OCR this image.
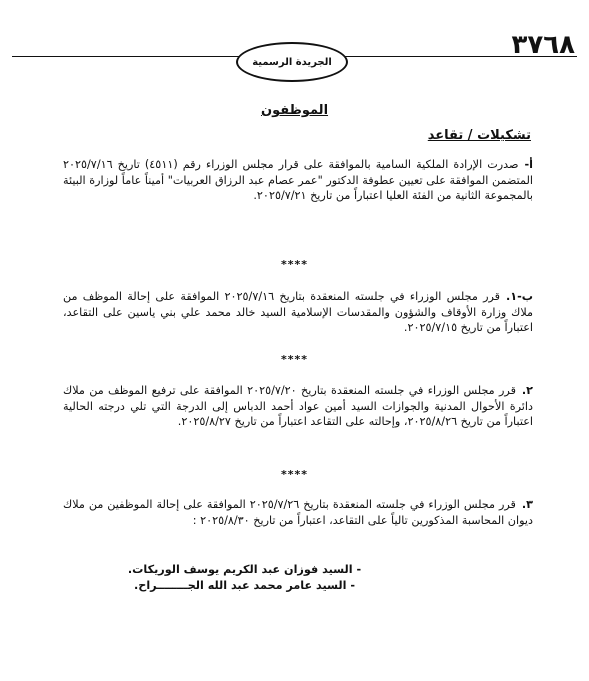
٣٧٦٨
الجريدة الرسمية
الموظفون
تشكيلات / تقاعد

أ-صدرت الإرادة الملكية السامية بالموافقة على قرار مجلس الوزراء رقم (٤٥١١) تاريخ ٢٠٢٥/٧/١٦ المتضمن الموافقة على تعيين عطوفة الدكتور "عمر عصام عبد الرزاق العربيات" أميناً عاماً لوزارة البيئة بالمجموعة الثانية من الفئة العليا اعتباراً من تاريخ ٢٠٢٥/٧/٢١.

****

ب-١.قرر مجلس الوزراء في جلسته المنعقدة بتاريخ ٢٠٢٥/٧/١٦ الموافقة على إحالة الموظف من ملاك وزارة الأوقاف والشؤون والمقدسات الإسلامية السيد خالد محمد علي بني ياسين على التقاعد، اعتباراً من تاريخ ٢٠٢٥/٧/١٥.

****

٢.قرر مجلس الوزراء في جلسته المنعقدة بتاريخ ٢٠٢٥/٧/٢٠ الموافقة على ترفيع الموظف من ملاك دائرة الأحوال المدنية والجوازات السيد أمين عواد أحمد الدباس إلى الدرجة التي تلي درجته الحالية اعتباراً من تاريخ ٢٠٢٥/٨/٢٦، وإحالته على التقاعد اعتباراً من تاريخ ٢٠٢٥/٨/٢٧.

****

٣.قرر مجلس الوزراء في جلسته المنعقدة بتاريخ ٢٠٢٥/٧/٢٦ الموافقة على إحالة الموظفين من ملاك ديوان المحاسبة المذكورين تالياً على التقاعد، اعتباراً من تاريخ ٢٠٢٥/٨/٣٠ :

- السيد فوزان عبد الكريم يوسف الوريكات.
- السيد عامر محمد عبد الله الجــــــــراح.
